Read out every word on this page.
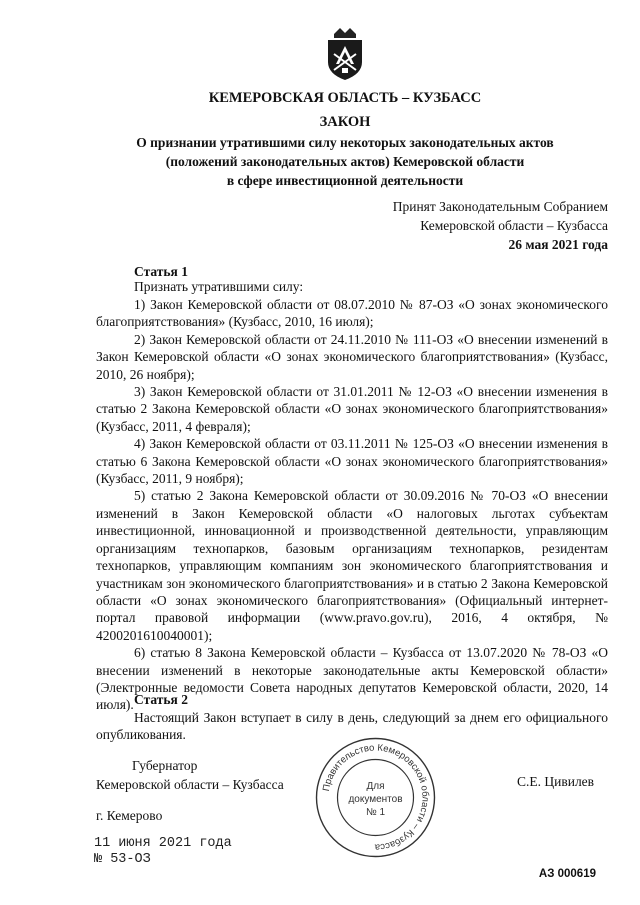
КЕМЕРОВСКАЯ ОБЛАСТЬ – КУЗБАСС
ЗАКОН
О признании утратившими силу некоторых законодательных актов
(положений законодательных актов) Кемеровской области
в сфере инвестиционной деятельности
Принят Законодательным Собранием
Кемеровской области – Кузбасса
26 мая 2021 года
Статья 1
Признать утратившими силу:

1) Закон Кемеровской области от 08.07.2010 № 87-ОЗ «О зонах экономического благоприятствования» (Кузбасс, 2010, 16 июля);

2) Закон Кемеровской области от 24.11.2010 № 111-ОЗ «О внесении изменений в Закон Кемеровской области «О зонах экономического благоприятствования» (Кузбасс, 2010, 26 ноября);

3) Закон Кемеровской области от 31.01.2011 № 12-ОЗ «О внесении изменения в статью 2 Закона Кемеровской области «О зонах экономического благоприятствования» (Кузбасс, 2011, 4 февраля);

4) Закон Кемеровской области от 03.11.2011 № 125-ОЗ «О внесении изменения в статью 6 Закона Кемеровской области «О зонах экономического благоприятствования» (Кузбасс, 2011, 9 ноября);

5) статью 2 Закона Кемеровской области от 30.09.2016 № 70-ОЗ «О внесении изменений в Закон Кемеровской области «О налоговых льготах субъектам инвестиционной, инновационной и производственной деятельности, управляющим организациям технопарков, базовым организациям технопарков, резидентам технопарков, управляющим компаниям зон экономического благоприятствования и участникам зон экономического благоприятствования» и в статью 2 Закона Кемеровской области «О зонах экономического благоприятствования» (Официальный интернет-портал правовой информации (www.pravo.gov.ru), 2016, 4 октября, № 4200201610040001);

6) статью 8 Закона Кемеровской области – Кузбасса от 13.07.2020 № 78-ОЗ «О внесении изменений в некоторые законодательные акты Кемеровской области» (Электронные ведомости Совета народных депутатов Кемеровской области, 2020, 14 июля). Статья 2

Настоящий Закон вступает в силу в день, следующий за днем его официального опубликования.

Губернатор
Кемеровской области – Кузбасса	С.Е. Цивилев
г. Кемерово
11 июня 2021 года
№ 53-ОЗ
Правительство Кемеровской области – Кузбасса
Для
документов
№ 1
АЗ 000619
